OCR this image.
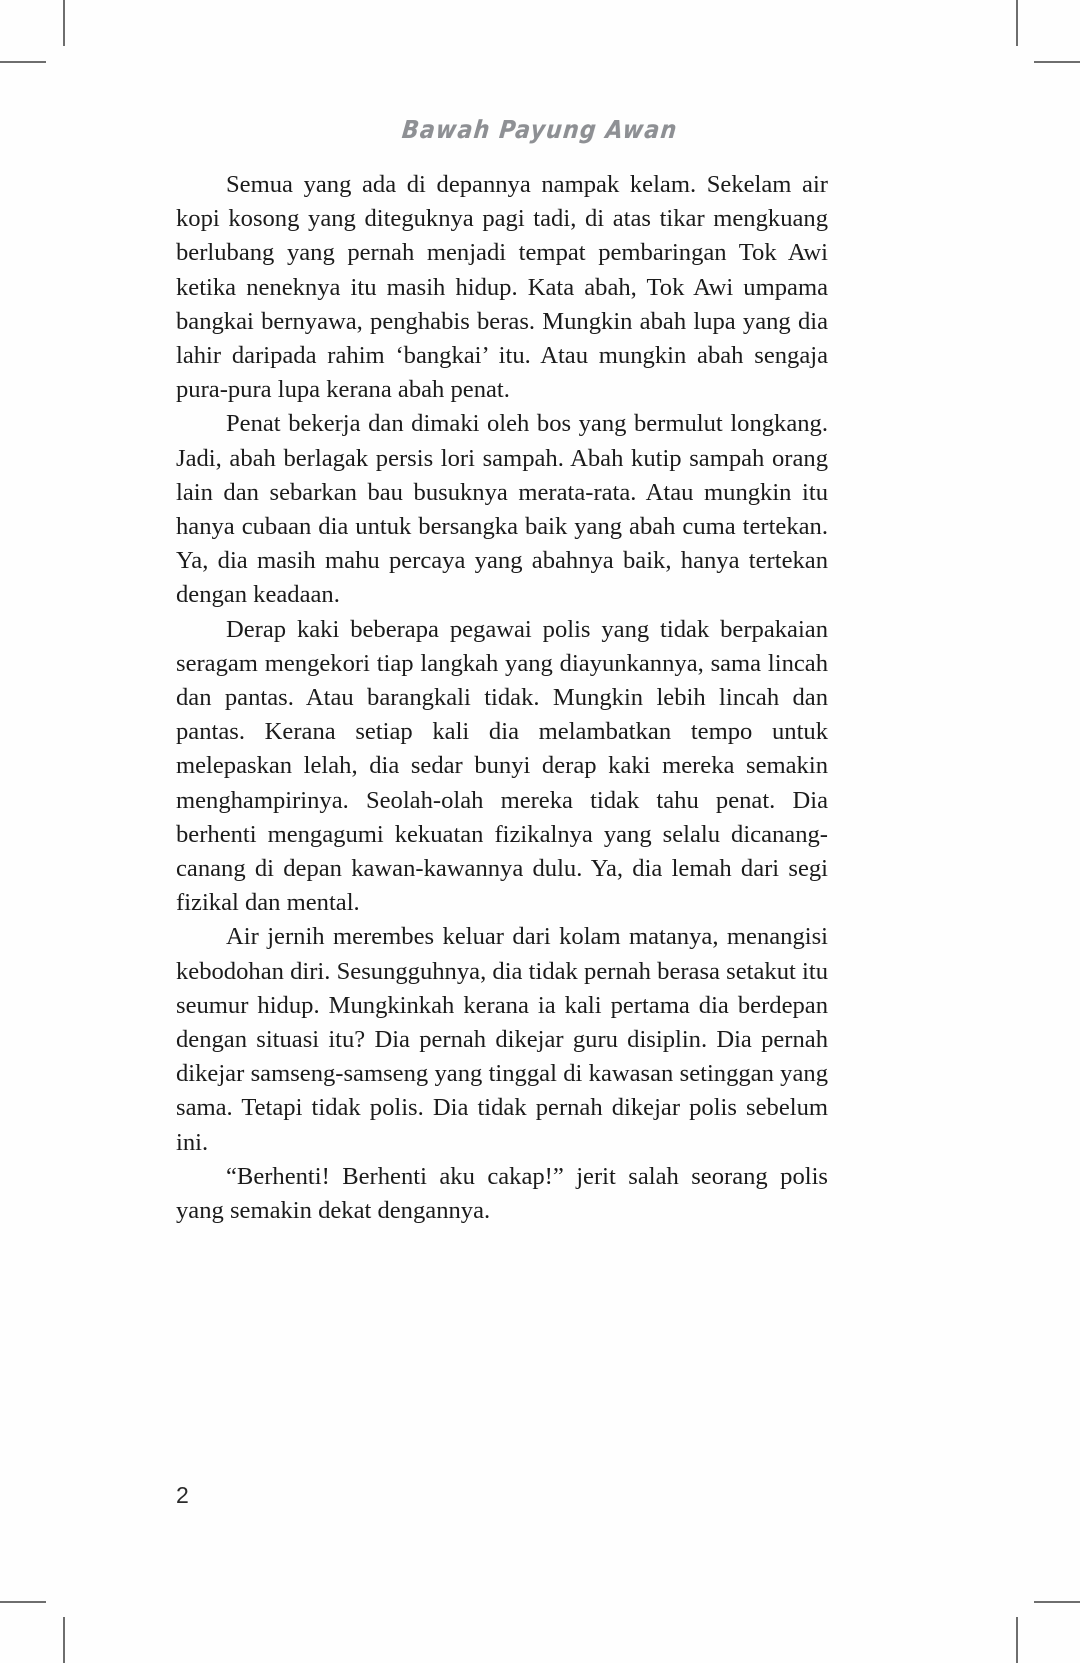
Bawah Payung Awan

Semua yang ada di depannya nampak kelam. Sekelam air kopi kosong yang diteguknya pagi tadi, di atas tikar mengkuang berlubang yang pernah menjadi tempat pembaringan Tok Awi ketika neneknya itu masih hidup. Kata abah, Tok Awi umpama bangkai bernyawa, penghabis beras. Mungkin abah lupa yang dia lahir daripada rahim ‘bangkai’ itu. Atau mungkin abah sengaja pura-pura lupa kerana abah penat.

Penat bekerja dan dimaki oleh bos yang bermulut longkang. Jadi, abah berlagak persis lori sampah. Abah kutip sampah orang lain dan sebarkan bau busuknya merata-rata. Atau mungkin itu hanya cubaan dia untuk bersangka baik yang abah cuma tertekan. Ya, dia masih mahu percaya yang abahnya baik, hanya tertekan dengan keadaan.

Derap kaki beberapa pegawai polis yang tidak berpakaian seragam mengekori tiap langkah yang diayunkannya, sama lincah dan pantas. Atau barangkali tidak. Mungkin lebih lincah dan pantas. Kerana setiap kali dia melambatkan tempo untuk melepaskan lelah, dia sedar bunyi derap kaki mereka semakin menghampirinya. Seolah-olah mereka tidak tahu penat. Dia berhenti mengagumi kekuatan fizikalnya yang selalu dicanang-canang di depan kawan-kawannya dulu. Ya, dia lemah dari segi fizikal dan mental.

Air jernih merembes keluar dari kolam matanya, menangisi kebodohan diri. Sesungguhnya, dia tidak pernah berasa setakut itu seumur hidup. Mungkinkah kerana ia kali pertama dia berdepan dengan situasi itu? Dia pernah dikejar guru disiplin. Dia pernah dikejar samseng-samseng yang tinggal di kawasan setinggan yang sama. Tetapi tidak polis. Dia tidak pernah dikejar polis sebelum ini.

“Berhenti! Berhenti aku cakap!” jerit salah seorang polis yang semakin dekat dengannya.

2
